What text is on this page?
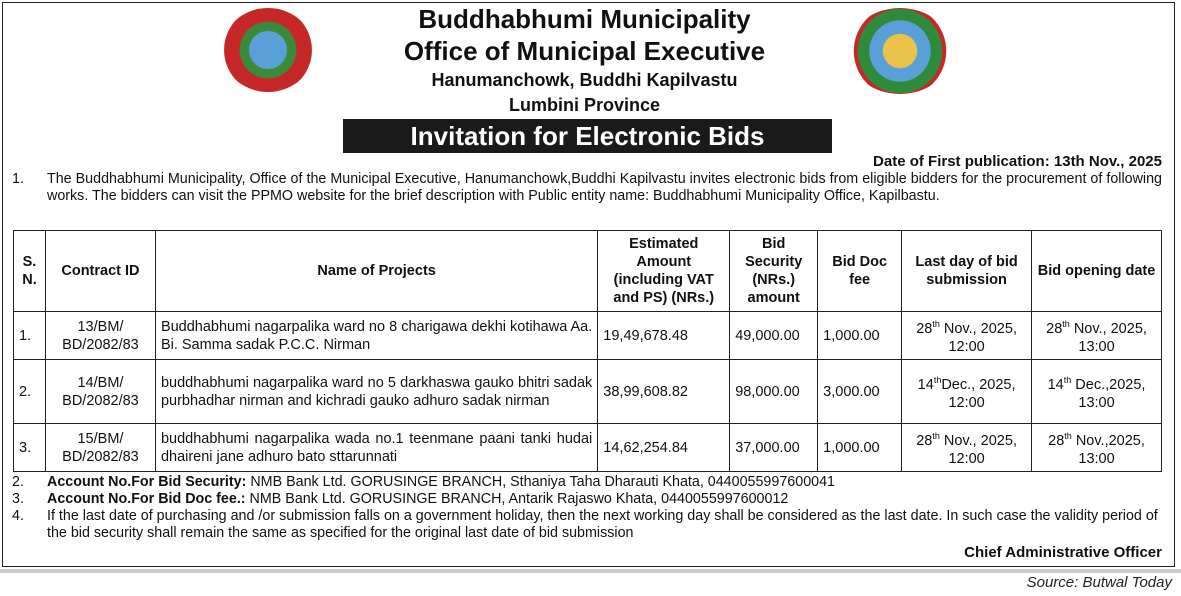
Buddhabhumi Municipality
Office of Municipal Executive
Hanumanchowk, Buddhi Kapilvastu
Lumbini Province
Invitation for Electronic Bids
Date of First publication: 13th Nov., 2025
1.	The Buddhabhumi Municipality, Office of the Municipal Executive, Hanumanchowk,Buddhi Kapilvastu invites electronic bids from eligible bidders for the procurement of following works. The bidders can visit the PPMO website for the brief description with Public entity name: Buddhabhumi Municipality Office, Kapilbastu.
S. N.	Contract ID	Name of Projects	Estimated Amount (including VAT and PS) (NRs.)	Bid Security (NRs.) amount	Bid Doc fee	Last day of bid submission	Bid opening date
1.	13/BM/ BD/2082/83	Buddhabhumi nagarpalika ward no 8 charigawa dekhi kotihawa Aa. Bi. Samma sadak P.C.C. Nirman	19,49,678.48	49,000.00	1,000.00	28th Nov., 2025, 12:00	28th Nov., 2025, 13:00
2.	14/BM/ BD/2082/83	buddhabhumi nagarpalika ward no 5 darkhaswa gauko bhitri sadak purbhadhar nirman and kichradi gauko adhuro sadak nirman	38,99,608.82	98,000.00	3,000.00	14thDec., 2025, 12:00	14th Dec.,2025, 13:00
3.	15/BM/ BD/2082/83	buddhabhumi nagarpalika wada no.1 teenmane paani tanki hudai dhaireni jane adhuro bato sttarunnati	14,62,254.84	37,000.00	1,000.00	28th Nov., 2025, 12:00	28th Nov.,2025, 13:00
2.	Account No.For Bid Security: NMB Bank Ltd. GORUSINGE BRANCH, Sthaniya Taha Dharauti Khata, 0440055997600041
3.	Account No.For Bid Doc fee.: NMB Bank Ltd. GORUSINGE BRANCH, Antarik Rajaswo Khata, 0440055997600012
4.	If the last date of purchasing and /or submission falls on a government holiday, then the next working day shall be considered as the last date. In such case the validity period of the bid security shall remain the same as specified for the original last date of bid submission
Chief Administrative Officer
Source: Butwal Today
